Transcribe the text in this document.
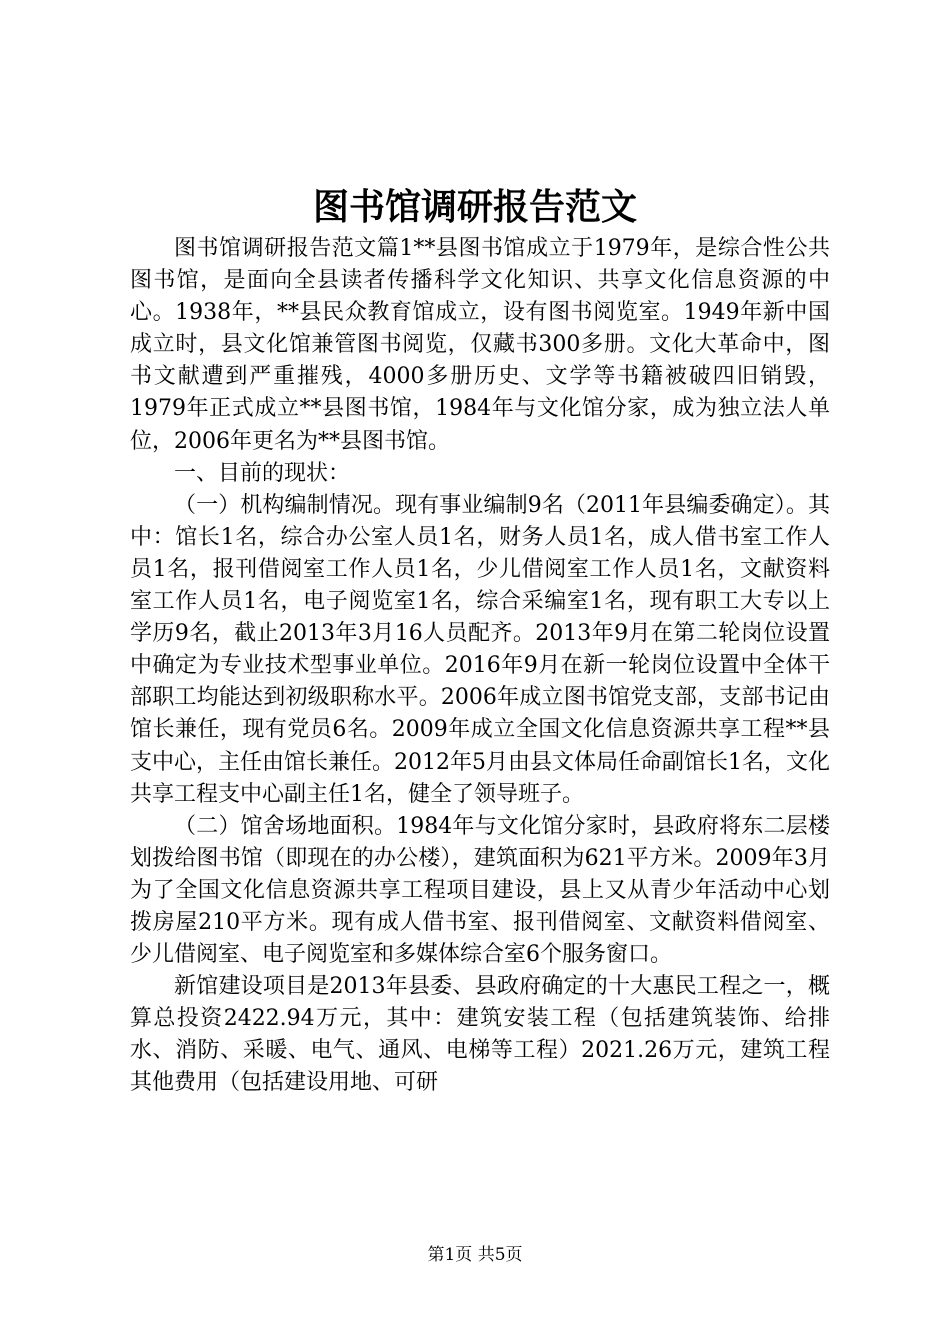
图书馆调研报告范文

图书馆调研报告范文篇1**县图书馆成立于1979年，是综合性公共图书馆，是面向全县读者传播科学文化知识、共享文化信息资源的中心。1938年，**县民众教育馆成立，设有图书阅览室。1949年新中国成立时，县文化馆兼管图书阅览，仅藏书300多册。文化大革命中，图书文献遭到严重摧残，4000多册历史、文学等书籍被破四旧销毁，1979年正式成立**县图书馆，1984年与文化馆分家，成为独立法人单位，2006年更名为**县图书馆。

一、目前的现状：

（一）机构编制情况。现有事业编制9名（2011年县编委确定）。其中：馆长1名，综合办公室人员1名，财务人员1名，成人借书室工作人员1名，报刊借阅室工作人员1名，少儿借阅室工作人员1名，文献资料室工作人员1名，电子阅览室1名，综合采编室1名，现有职工大专以上学历9名，截止2013年3月16人员配齐。2013年9月在第二轮岗位设置中确定为专业技术型事业单位。2016年9月在新一轮岗位设置中全体干部职工均能达到初级职称水平。2006年成立图书馆党支部，支部书记由馆长兼任，现有党员6名。2009年成立全国文化信息资源共享工程**县支中心，主任由馆长兼任。2012年5月由县文体局任命副馆长1名，文化共享工程支中心副主任1名，健全了领导班子。

（二）馆舍场地面积。1984年与文化馆分家时，县政府将东二层楼划拨给图书馆（即现在的办公楼），建筑面积为621平方米。2009年3月为了全国文化信息资源共享工程项目建设，县上又从青少年活动中心划拨房屋210平方米。现有成人借书室、报刊借阅室、文献资料借阅室、少儿借阅室、电子阅览室和多媒体综合室6个服务窗口。

新馆建设项目是2013年县委、县政府确定的十大惠民工程之一，概算总投资2422.94万元，其中：建筑安装工程（包括建筑装饰、给排水、消防、采暖、电气、通风、电梯等工程）2021.26万元，建筑工程其他费用（包括建设用地、可研

第1页 共5页
